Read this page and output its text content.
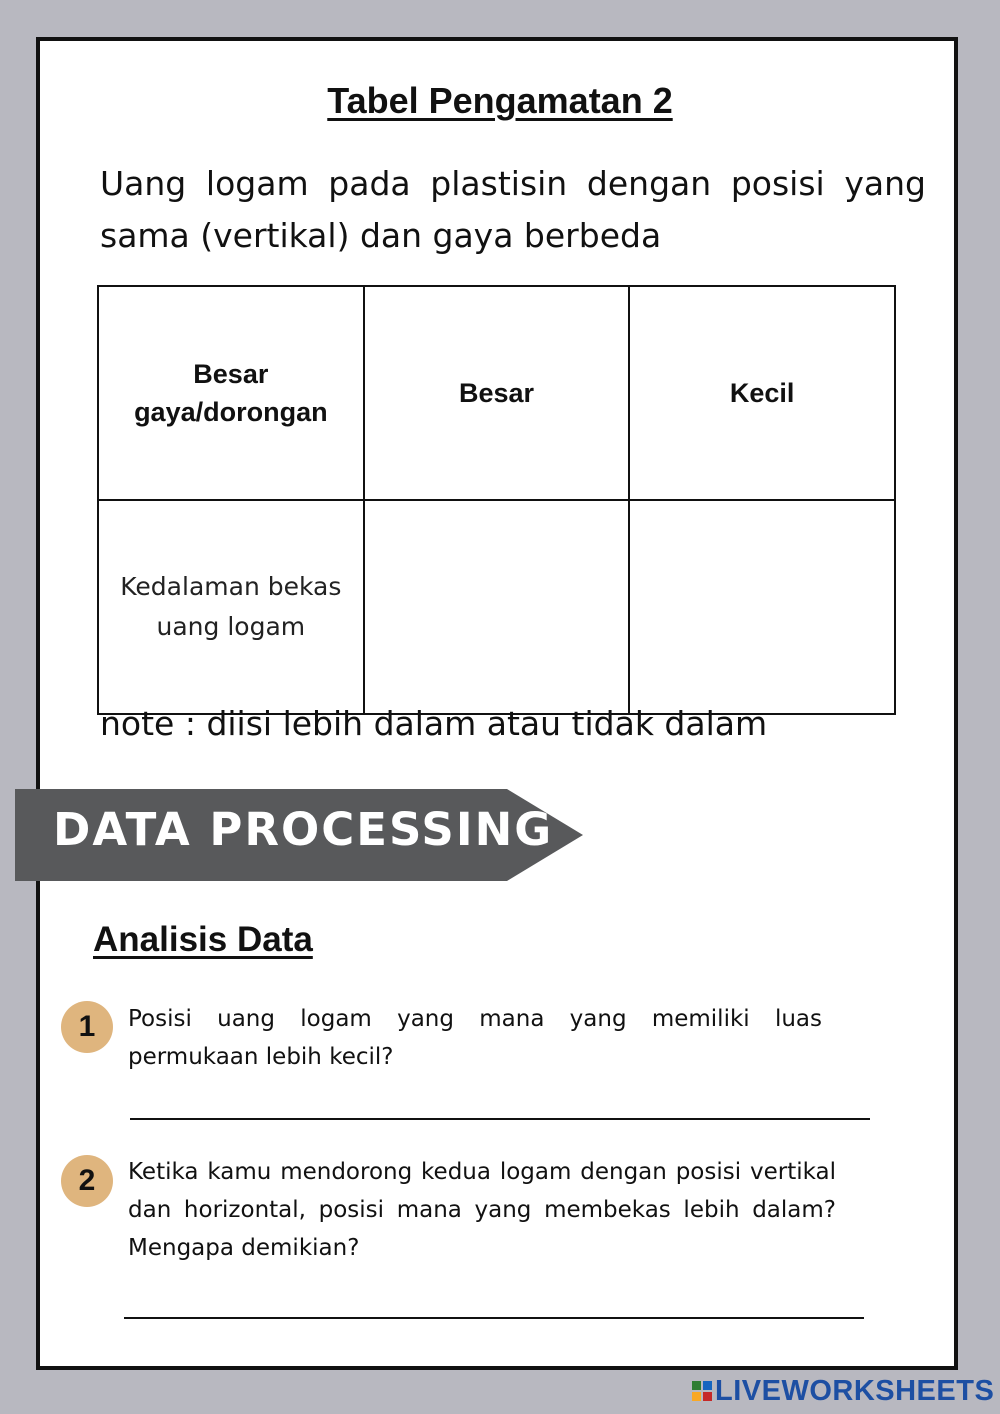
Tabel Pengamatan 2
Uang logam pada plastisin dengan posisi yang sama (vertikal) dan gaya berbeda
Besar gaya/dorongan	Besar	Kecil

Kedalaman bekas uang logam		

note : diisi lebih dalam atau tidak dalam
DATA PROCESSING
Analisis Data
1	Posisi uang logam yang mana yang memiliki luas permukaan lebih kecil?
2	Ketika kamu mendorong kedua logam dengan posisi vertikal dan horizontal, posisi mana yang membekas lebih dalam? Mengapa demikian?
LIVEWORKSHEETS
